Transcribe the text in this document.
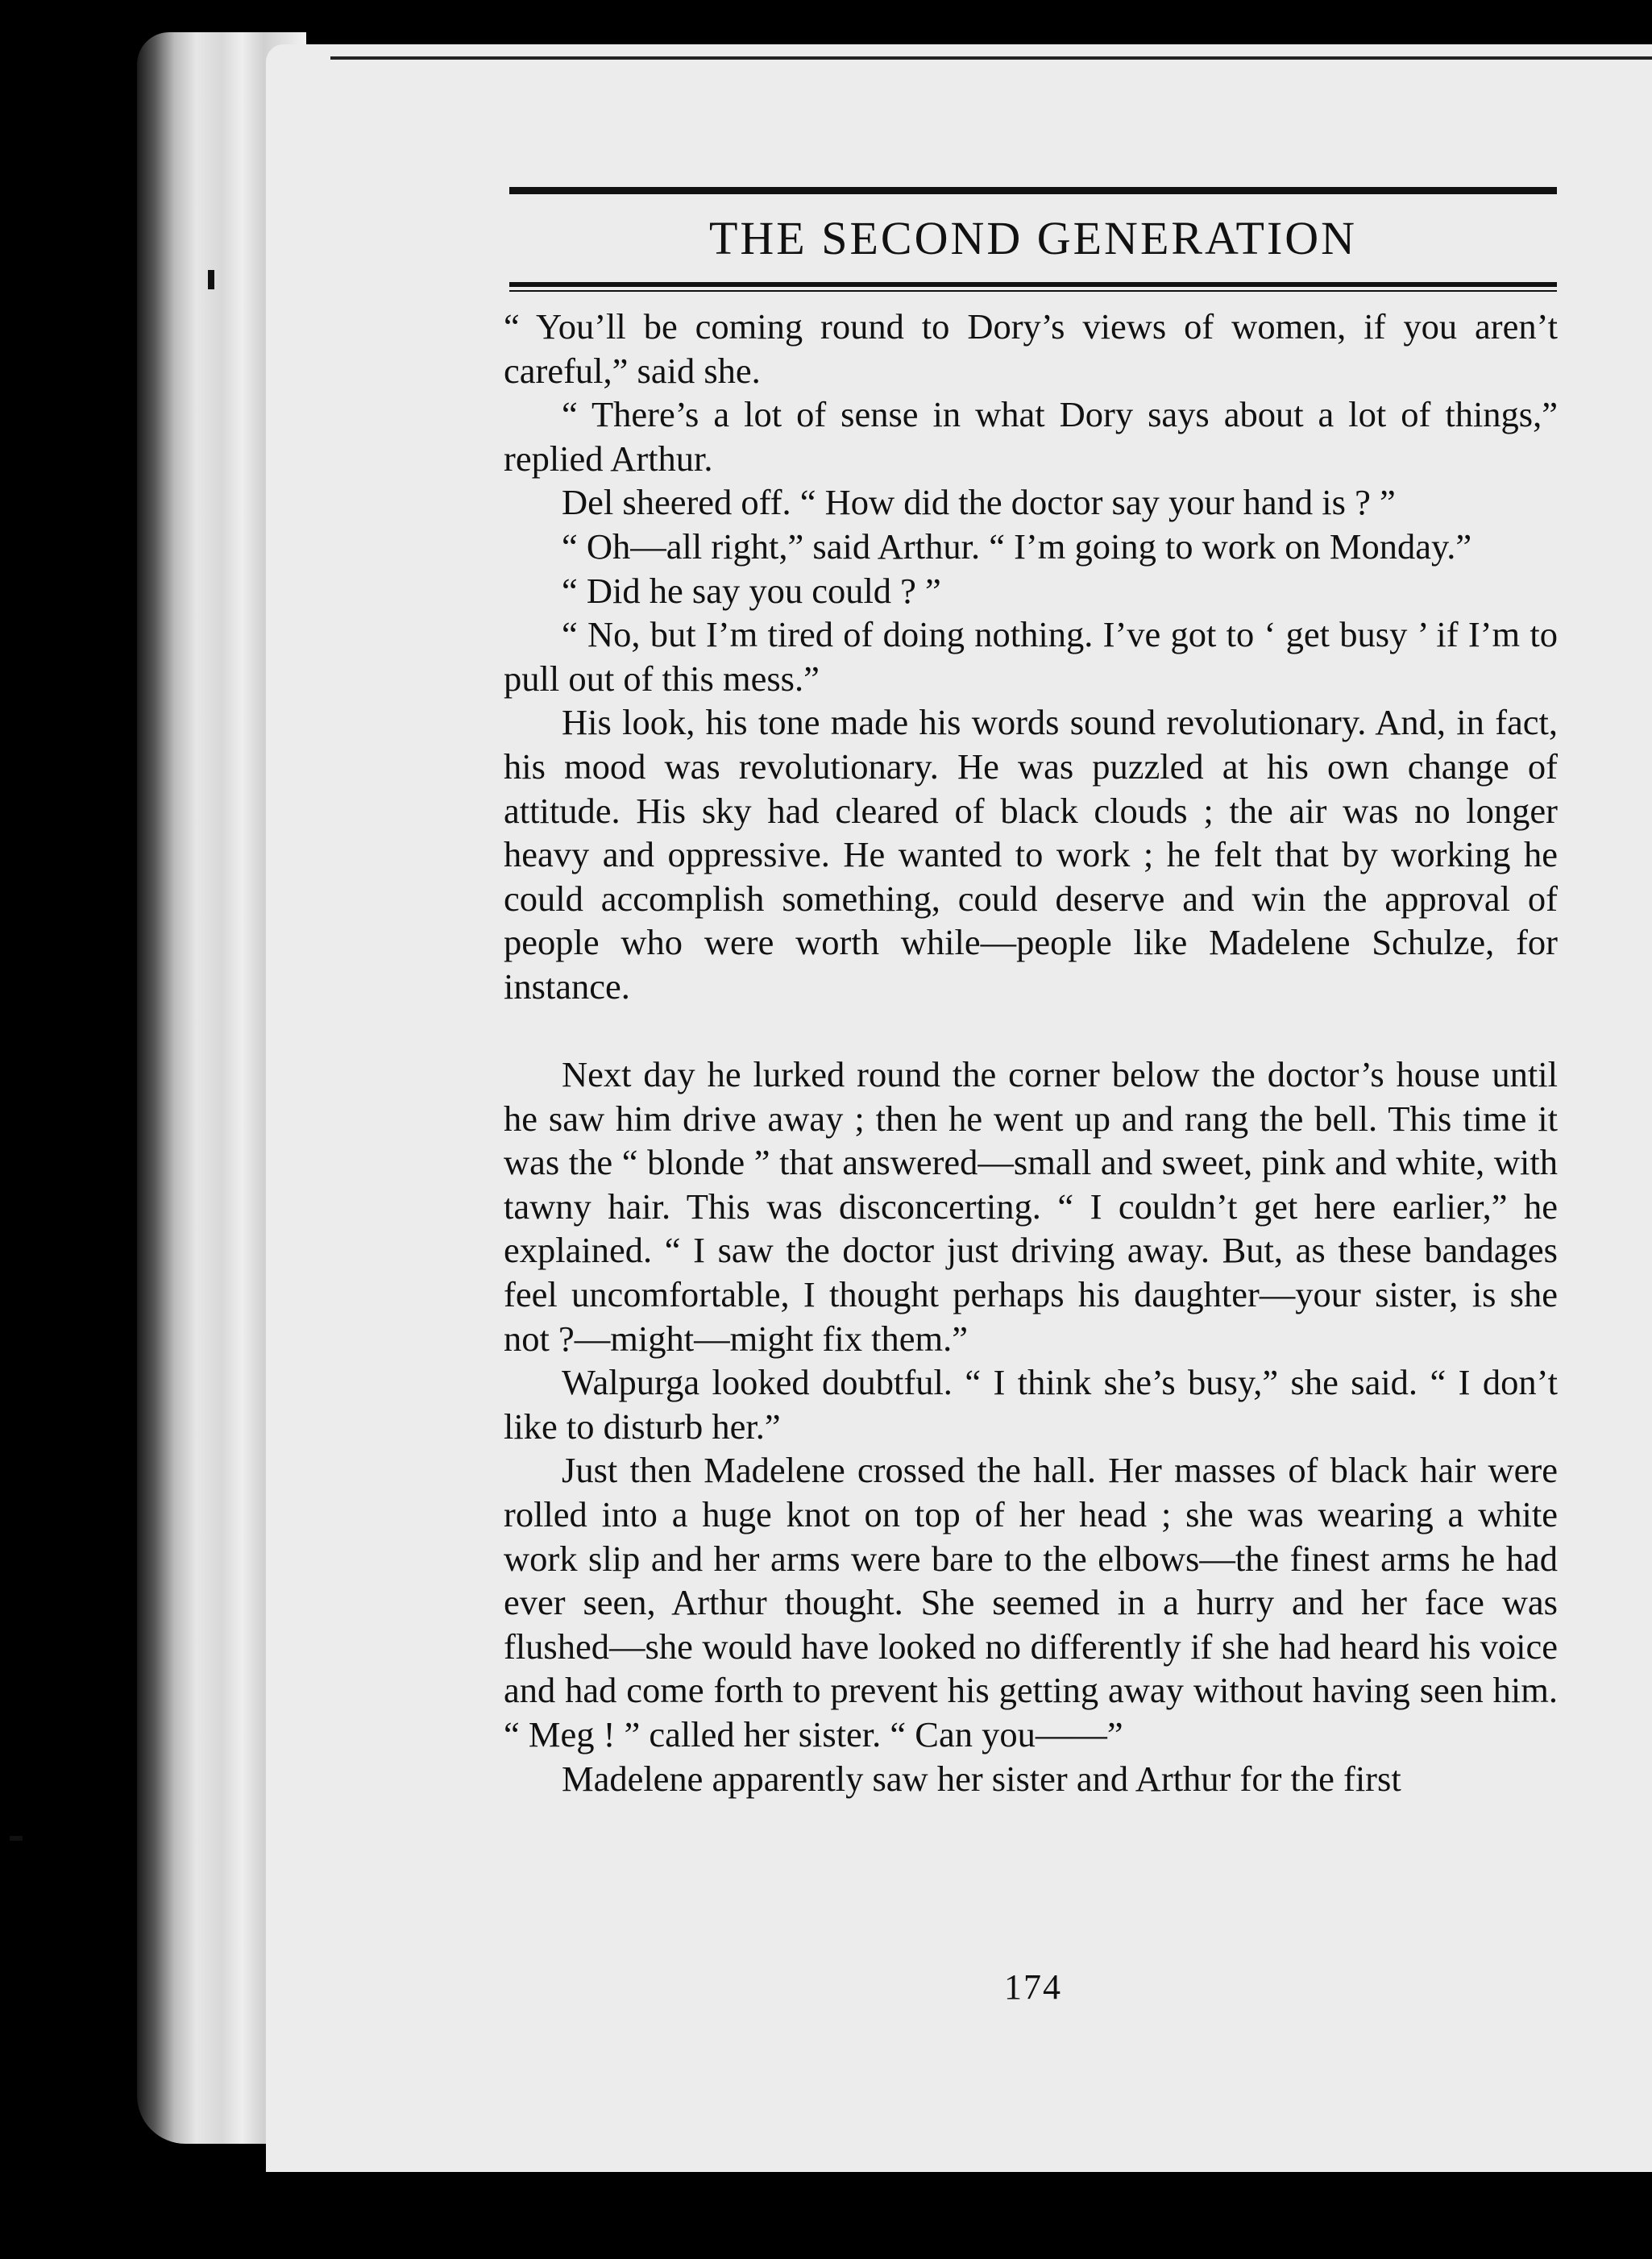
THE SECOND GENERATION

“ You’ll be coming round to Dory’s views of women, if you aren’t careful,” said she.

“ There’s a lot of sense in what Dory says about a lot of things,” replied Arthur.

Del sheered off. “ How did the doctor say your hand is ? ”

“ Oh—all right,” said Arthur. “ I’m going to work on Monday.”

“ Did he say you could ? ”

“ No, but I’m tired of doing nothing. I’ve got to ‘ get busy ’ if I’m to pull out of this mess.”

His look, his tone made his words sound revolutionary. And, in fact, his mood was revolutionary. He was puzzled at his own change of attitude. His sky had cleared of black clouds ; the air was no longer heavy and oppressive. He wanted to work ; he felt that by working he could accomplish something, could deserve and win the approval of people who were worth while—people like Madelene Schulze, for instance.

Next day he lurked round the corner below the doctor’s house until he saw him drive away ; then he went up and rang the bell. This time it was the “ blonde ” that answered—small and sweet, pink and white, with tawny hair. This was disconcerting. “ I couldn’t get here earlier,” he explained. “ I saw the doctor just driving away. But, as these bandages feel uncomfortable, I thought perhaps his daughter—your sister, is she not ?—might—might fix them.”

Walpurga looked doubtful. “ I think she’s busy,” she said. “ I don’t like to disturb her.”

Just then Madelene crossed the hall. Her masses of black hair were rolled into a huge knot on top of her head ; she was wearing a white work slip and her arms were bare to the elbows—the finest arms he had ever seen, Arthur thought. She seemed in a hurry and her face was flushed—she would have looked no differently if she had heard his voice and had come forth to prevent his getting away without having seen him. “ Meg ! ” called her sister. “ Can you——”

Madelene apparently saw her sister and Arthur for the first

174
